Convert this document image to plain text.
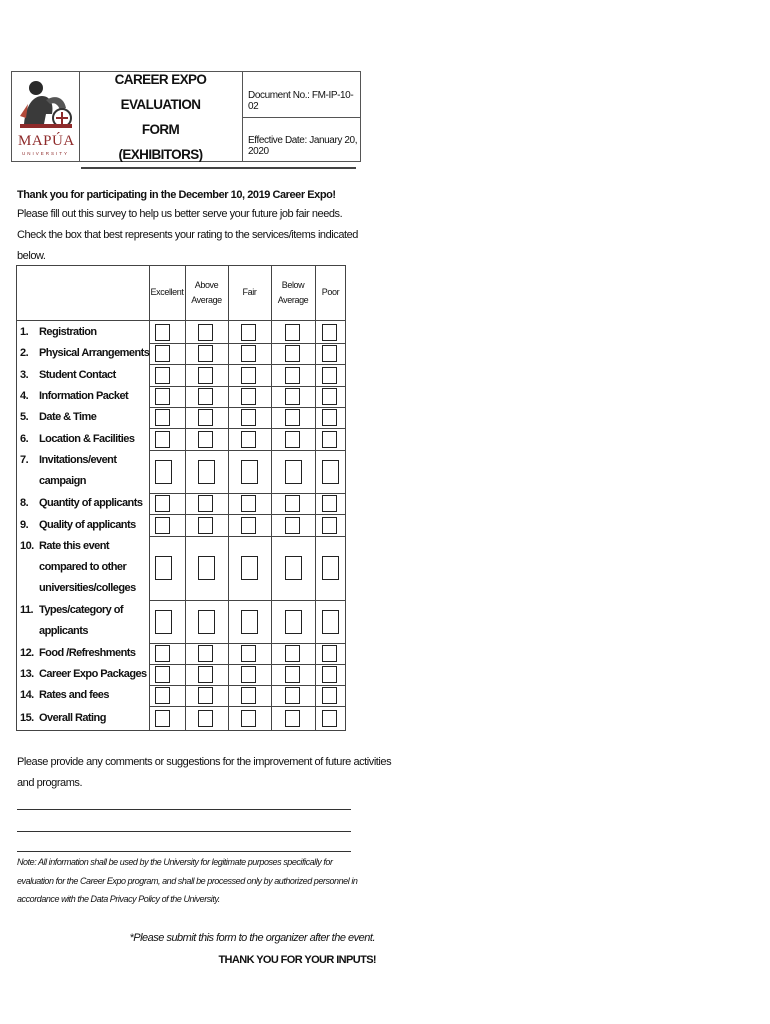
MAPÚA
UNIVERSITY
CAREER EXPO EVALUATION
FORM
(EXHIBITORS)
Document No.: FM-IP-10-02
Effective Date: January 20, 2020
Thank you for participating in the December 10, 2019 Career Expo!
Please fill out this survey to help us better serve your future job fair needs.
Check the box that best represents your rating to the services/items indicated
below.
Excellent
Above
Average
Fair
Below
Average
Poor
1. Registration
2. Physical Arrangements
3. Student Contact
4. Information Packet
5. Date & Time
6. Location & Facilities
7. Invitations/event
campaign
8. Quantity of applicants
9. Quality of applicants
10. Rate this event
compared to other
universities/colleges
11. Types/category of
applicants
12. Food /Refreshments
13. Career Expo Packages
14. Rates and fees
15. Overall Rating
Please provide any comments or suggestions for the improvement of future activities
and programs.
Note: All information shall be used by the University for legitimate purposes specifically for
evaluation for the Career Expo program, and shall be processed only by authorized personnel in
accordance with the Data Privacy Policy of the University.
*Please submit this form to the organizer after the event.
THANK YOU FOR YOUR INPUTS!
